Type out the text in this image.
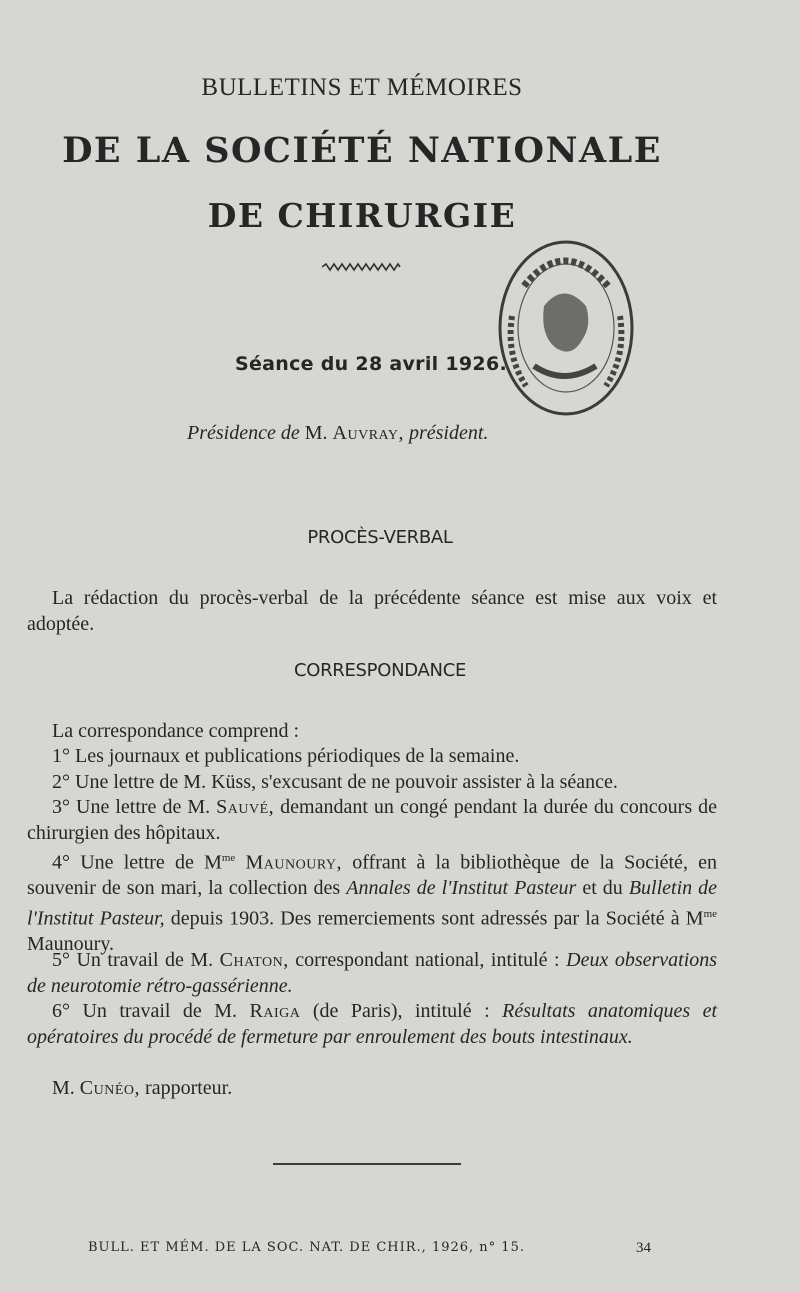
BULLETINS ET MÉMOIRES
DE LA SOCIÉTÉ NATIONALE
DE CHIRURGIE
Séance du 28 avril 1926.
Présidence de M. Auvray, président.
PROCÈS-VERBAL

La rédaction du procès-verbal de la précédente séance est mise aux voix et adoptée.

CORRESPONDANCE

La correspondance comprend :

1° Les journaux et publications périodiques de la semaine.

2° Une lettre de M. Küss, s'excusant de ne pouvoir assister à la séance.

3° Une lettre de M. Sauvé, demandant un congé pendant la durée du concours de chirurgien des hôpitaux.

4° Une lettre de $M^{me}$ Maunoury, offrant à la bibliothèque de la Société, en souvenir de son mari, la collection des Annales de l'Institut Pasteur et du Bulletin de l'Institut Pasteur, depuis 1903. Des remerciements sont adressés par la Société à $M^{me}$ Maunoury.

5° Un travail de M. Chaton, correspondant national, intitulé : Deux observations de neurotomie rétro-gassérienne.

6° Un travail de M. Raiga (de Paris), intitulé : Résultats anatomiques et opératoires du procédé de fermeture par enroulement des bouts intestinaux.

M. Cunéo, rapporteur.

BULL. ET MÉM. DE LA SOC. NAT. DE CHIR., 1926, n° 15.	34
